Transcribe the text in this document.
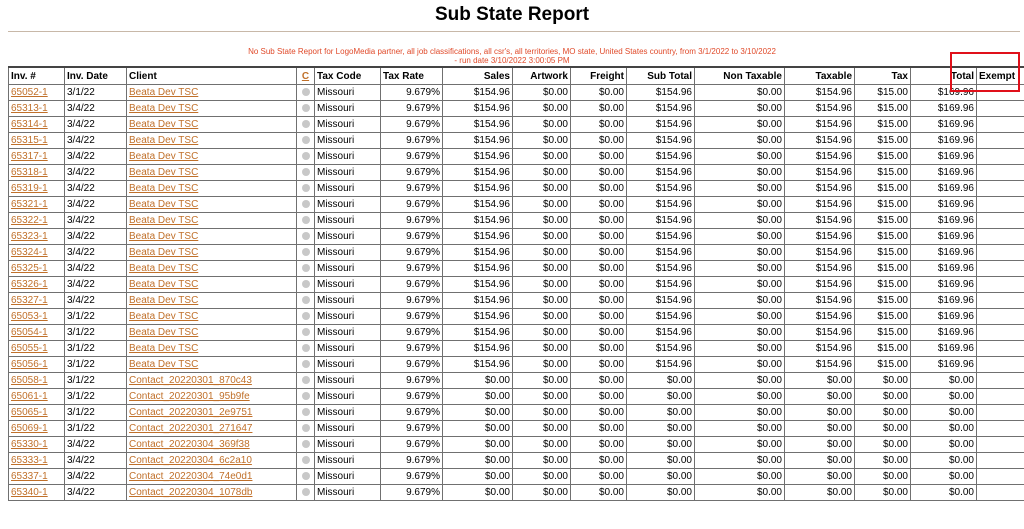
Sub State Report
No Sub State Report for LogoMedia partner, all job classifications, all csr's, all territories, MO state, United States country, from 3/1/2022 to 3/10/2022
- run date 3/10/2022 3:00:05 PM
Inv. #	Inv. Date	Client	C	Tax Code	Tax Rate	Sales	Artwork	Freight	Sub Total	Non Taxable	Taxable	Tax	Total	Exempt
65052-1	3/1/22	Beata Dev TSC		Missouri	9.679%	$154.96	$0.00	$0.00	$154.96	$0.00	$154.96	$15.00	$169.96	
65313-1	3/4/22	Beata Dev TSC		Missouri	9.679%	$154.96	$0.00	$0.00	$154.96	$0.00	$154.96	$15.00	$169.96	
65314-1	3/4/22	Beata Dev TSC		Missouri	9.679%	$154.96	$0.00	$0.00	$154.96	$0.00	$154.96	$15.00	$169.96	
65315-1	3/4/22	Beata Dev TSC		Missouri	9.679%	$154.96	$0.00	$0.00	$154.96	$0.00	$154.96	$15.00	$169.96	
65317-1	3/4/22	Beata Dev TSC		Missouri	9.679%	$154.96	$0.00	$0.00	$154.96	$0.00	$154.96	$15.00	$169.96	
65318-1	3/4/22	Beata Dev TSC		Missouri	9.679%	$154.96	$0.00	$0.00	$154.96	$0.00	$154.96	$15.00	$169.96	
65319-1	3/4/22	Beata Dev TSC		Missouri	9.679%	$154.96	$0.00	$0.00	$154.96	$0.00	$154.96	$15.00	$169.96	
65321-1	3/4/22	Beata Dev TSC		Missouri	9.679%	$154.96	$0.00	$0.00	$154.96	$0.00	$154.96	$15.00	$169.96	
65322-1	3/4/22	Beata Dev TSC		Missouri	9.679%	$154.96	$0.00	$0.00	$154.96	$0.00	$154.96	$15.00	$169.96	
65323-1	3/4/22	Beata Dev TSC		Missouri	9.679%	$154.96	$0.00	$0.00	$154.96	$0.00	$154.96	$15.00	$169.96	
65324-1	3/4/22	Beata Dev TSC		Missouri	9.679%	$154.96	$0.00	$0.00	$154.96	$0.00	$154.96	$15.00	$169.96	
65325-1	3/4/22	Beata Dev TSC		Missouri	9.679%	$154.96	$0.00	$0.00	$154.96	$0.00	$154.96	$15.00	$169.96	
65326-1	3/4/22	Beata Dev TSC		Missouri	9.679%	$154.96	$0.00	$0.00	$154.96	$0.00	$154.96	$15.00	$169.96	
65327-1	3/4/22	Beata Dev TSC		Missouri	9.679%	$154.96	$0.00	$0.00	$154.96	$0.00	$154.96	$15.00	$169.96	
65053-1	3/1/22	Beata Dev TSC		Missouri	9.679%	$154.96	$0.00	$0.00	$154.96	$0.00	$154.96	$15.00	$169.96	
65054-1	3/1/22	Beata Dev TSC		Missouri	9.679%	$154.96	$0.00	$0.00	$154.96	$0.00	$154.96	$15.00	$169.96	
65055-1	3/1/22	Beata Dev TSC		Missouri	9.679%	$154.96	$0.00	$0.00	$154.96	$0.00	$154.96	$15.00	$169.96	
65056-1	3/1/22	Beata Dev TSC		Missouri	9.679%	$154.96	$0.00	$0.00	$154.96	$0.00	$154.96	$15.00	$169.96	
65058-1	3/1/22	Contact_20220301_870c43		Missouri	9.679%	$0.00	$0.00	$0.00	$0.00	$0.00	$0.00	$0.00	$0.00	
65061-1	3/1/22	Contact_20220301_95b9fe		Missouri	9.679%	$0.00	$0.00	$0.00	$0.00	$0.00	$0.00	$0.00	$0.00	
65065-1	3/1/22	Contact_20220301_2e9751		Missouri	9.679%	$0.00	$0.00	$0.00	$0.00	$0.00	$0.00	$0.00	$0.00	
65069-1	3/1/22	Contact_20220301_271647		Missouri	9.679%	$0.00	$0.00	$0.00	$0.00	$0.00	$0.00	$0.00	$0.00	
65330-1	3/4/22	Contact_20220304_369f38		Missouri	9.679%	$0.00	$0.00	$0.00	$0.00	$0.00	$0.00	$0.00	$0.00	
65333-1	3/4/22	Contact_20220304_6c2a10		Missouri	9.679%	$0.00	$0.00	$0.00	$0.00	$0.00	$0.00	$0.00	$0.00	
65337-1	3/4/22	Contact_20220304_74e0d1		Missouri	9.679%	$0.00	$0.00	$0.00	$0.00	$0.00	$0.00	$0.00	$0.00	
65340-1	3/4/22	Contact_20220304_1078db		Missouri	9.679%	$0.00	$0.00	$0.00	$0.00	$0.00	$0.00	$0.00	$0.00	
